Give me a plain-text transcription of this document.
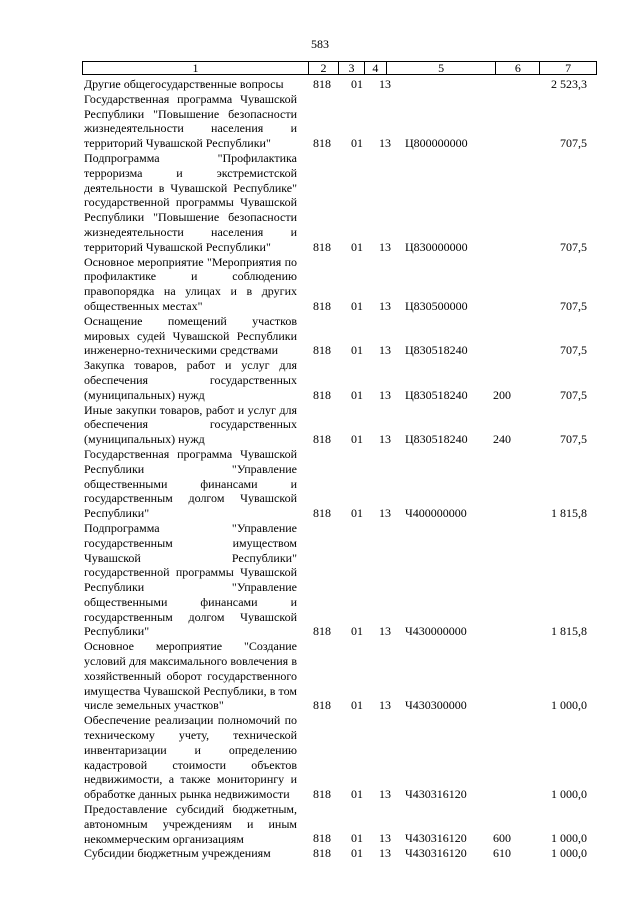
583
1	2	3	4	5	6	7
Другие общегосударственные вопросы	818 01 13	2 523,3
Государственная программа Чувашской Республики "Повышение безопасности жизнедеятельности населения и территорий Чувашской Республики"	818 01 13 Ц800000000	707,5
Подпрограмма "Профилактика терроризма и экстремистской деятельности в Чувашской Республике" государственной программы Чувашской Республики "Повышение безопасности жизнедеятельности населения и территорий Чувашской Республики"	818 01 13 Ц830000000	707,5
Основное мероприятие "Мероприятия по профилактике и соблюдению правопорядка на улицах и в других общественных местах"	818 01 13 Ц830500000	707,5
Оснащение помещений участков мировых судей Чувашской Республики инженерно-техническими средствами	818 01 13 Ц830518240	707,5
Закупка товаров, работ и услуг для обеспечения государственных (муниципальных) нужд	818 01 13 Ц830518240 200	707,5
Иные закупки товаров, работ и услуг для обеспечения государственных (муниципальных) нужд	818 01 13 Ц830518240 240	707,5
Государственная программа Чувашской Республики "Управление общественными финансами и государственным долгом Чувашской Республики"	818 01 13 Ч400000000	1 815,8
Подпрограмма "Управление государственным имуществом Чувашской Республики" государственной программы Чувашской Республики "Управление общественными финансами и государственным долгом Чувашской Республики"	818 01 13 Ч430000000	1 815,8
Основное мероприятие "Создание условий для максимального вовлечения в хозяйственный оборот государственного имущества Чувашской Республики, в том числе земельных участков"	818 01 13 Ч430300000	1 000,0
Обеспечение реализации полномочий по техническому учету, технической инвентаризации и определению кадастровой стоимости объектов недвижимости, а также мониторингу и обработке данных рынка недвижимости	818 01 13 Ч430316120	1 000,0
Предоставление субсидий бюджетным, автономным учреждениям и иным некоммерческим организациям	818 01 13 Ч430316120 600	1 000,0
Субсидии бюджетным учреждениям	818 01 13 Ч430316120 610	1 000,0
